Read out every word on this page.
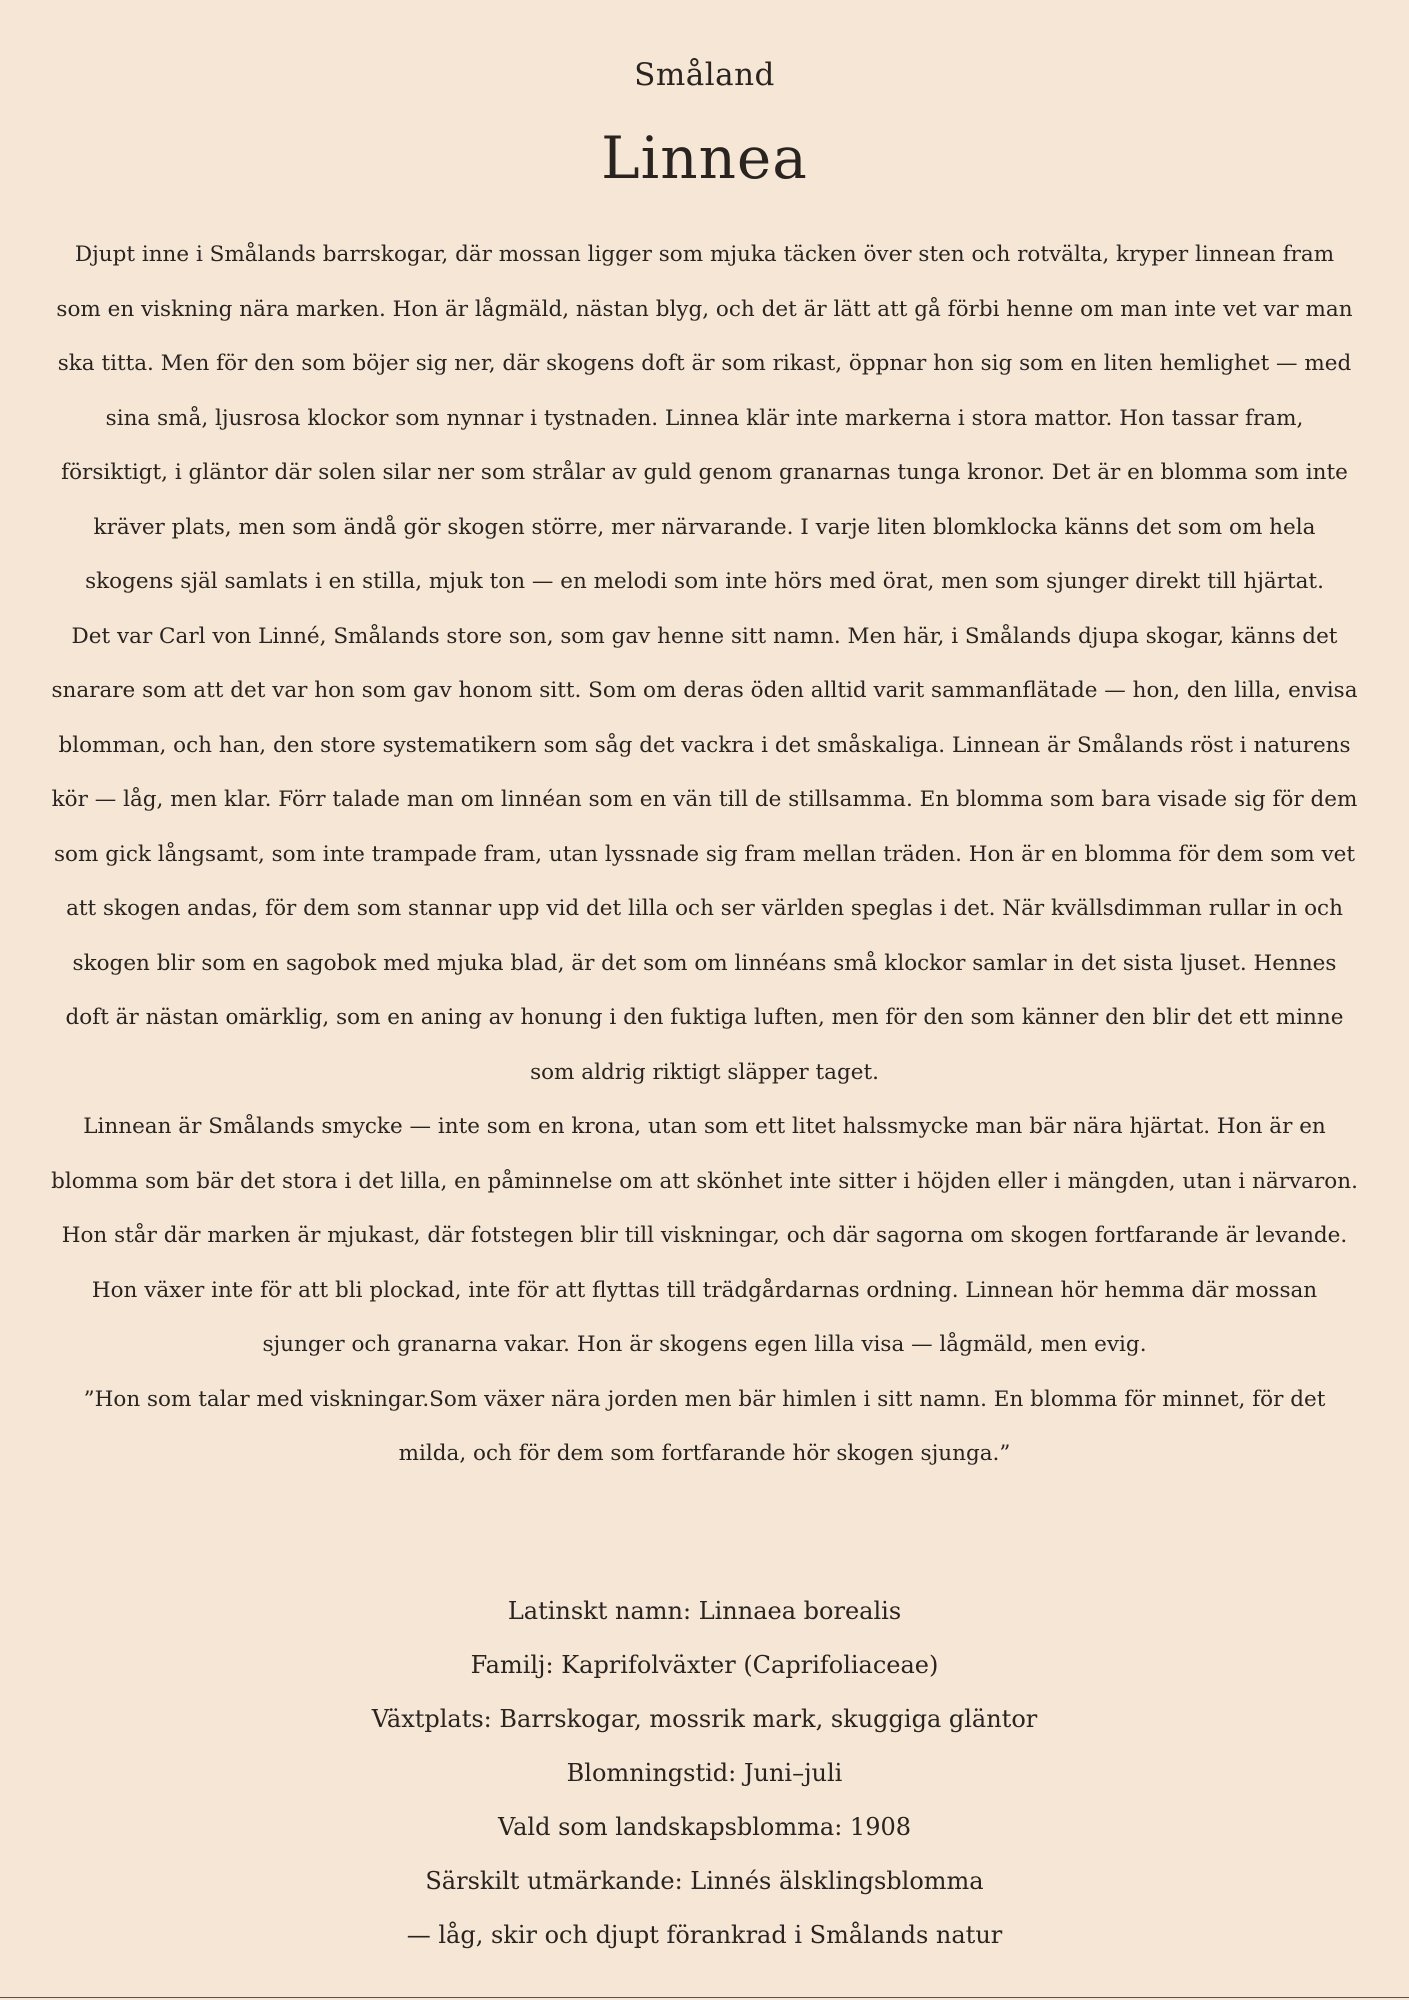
Småland
Linnea

Djupt inne i Smålands barrskogar, där mossan ligger som mjuka täcken över sten och rotvälta, kryper linnean fram som en viskning nära marken. Hon är lågmäld, nästan blyg, och det är lätt att gå förbi henne om man inte vet var man ska titta. Men för den som böjer sig ner, där skogens doft är som rikast, öppnar hon sig som en liten hemlighet — med sina små, ljusrosa klockor som nynnar i tystnaden. Linnea klär inte markerna i stora mattor. Hon tassar fram, försiktigt, i gläntor där solen silar ner som strålar av guld genom granarnas tunga kronor. Det är en blomma som inte kräver plats, men som ändå gör skogen större, mer närvarande. I varje liten blomklocka känns det som om hela skogens själ samlats i en stilla, mjuk ton — en melodi som inte hörs med örat, men som sjunger direkt till hjärtat.

Det var Carl von Linné, Smålands store son, som gav henne sitt namn. Men här, i Smålands djupa skogar, känns det snarare som att det var hon som gav honom sitt. Som om deras öden alltid varit sammanflätade — hon, den lilla, envisa blomman, och han, den store systematikern som såg det vackra i det småskaliga. Linnean är Smålands röst i naturens kör — låg, men klar. Förr talade man om linnéan som en vän till de stillsamma. En blomma som bara visade sig för dem som gick långsamt, som inte trampade fram, utan lyssnade sig fram mellan träden. Hon är en blomma för dem som vet att skogen andas, för dem som stannar upp vid det lilla och ser världen speglas i det. När kvällsdimman rullar in och skogen blir som en sagobok med mjuka blad, är det som om linnéans små klockor samlar in det sista ljuset. Hennes doft är nästan omärklig, som en aning av honung i den fuktiga luften, men för den som känner den blir det ett minne som aldrig riktigt släpper taget.

Linnean är Smålands smycke — inte som en krona, utan som ett litet halssmycke man bär nära hjärtat. Hon är en blomma som bär det stora i det lilla, en påminnelse om att skönhet inte sitter i höjden eller i mängden, utan i närvaron. Hon står där marken är mjukast, där fotstegen blir till viskningar, och där sagorna om skogen fortfarande är levande. Hon växer inte för att bli plockad, inte för att flyttas till trädgårdarnas ordning. Linnean hör hemma där mossan sjunger och granarna vakar. Hon är skogens egen lilla visa — lågmäld, men evig.

”Hon som talar med viskningar.Som växer nära jorden men bär himlen i sitt namn. En blomma för minnet, för det milda, och för dem som fortfarande hör skogen sjunga.”

Latinskt namn: Linnaea borealis

Familj: Kaprifolväxter (Caprifoliaceae)

Växtplats: Barrskogar, mossrik mark, skuggiga gläntor

Blomningstid: Juni–juli

Vald som landskapsblomma: 1908

Särskilt utmärkande: Linnés älsklingsblomma

— låg, skir och djupt förankrad i Smålands natur
